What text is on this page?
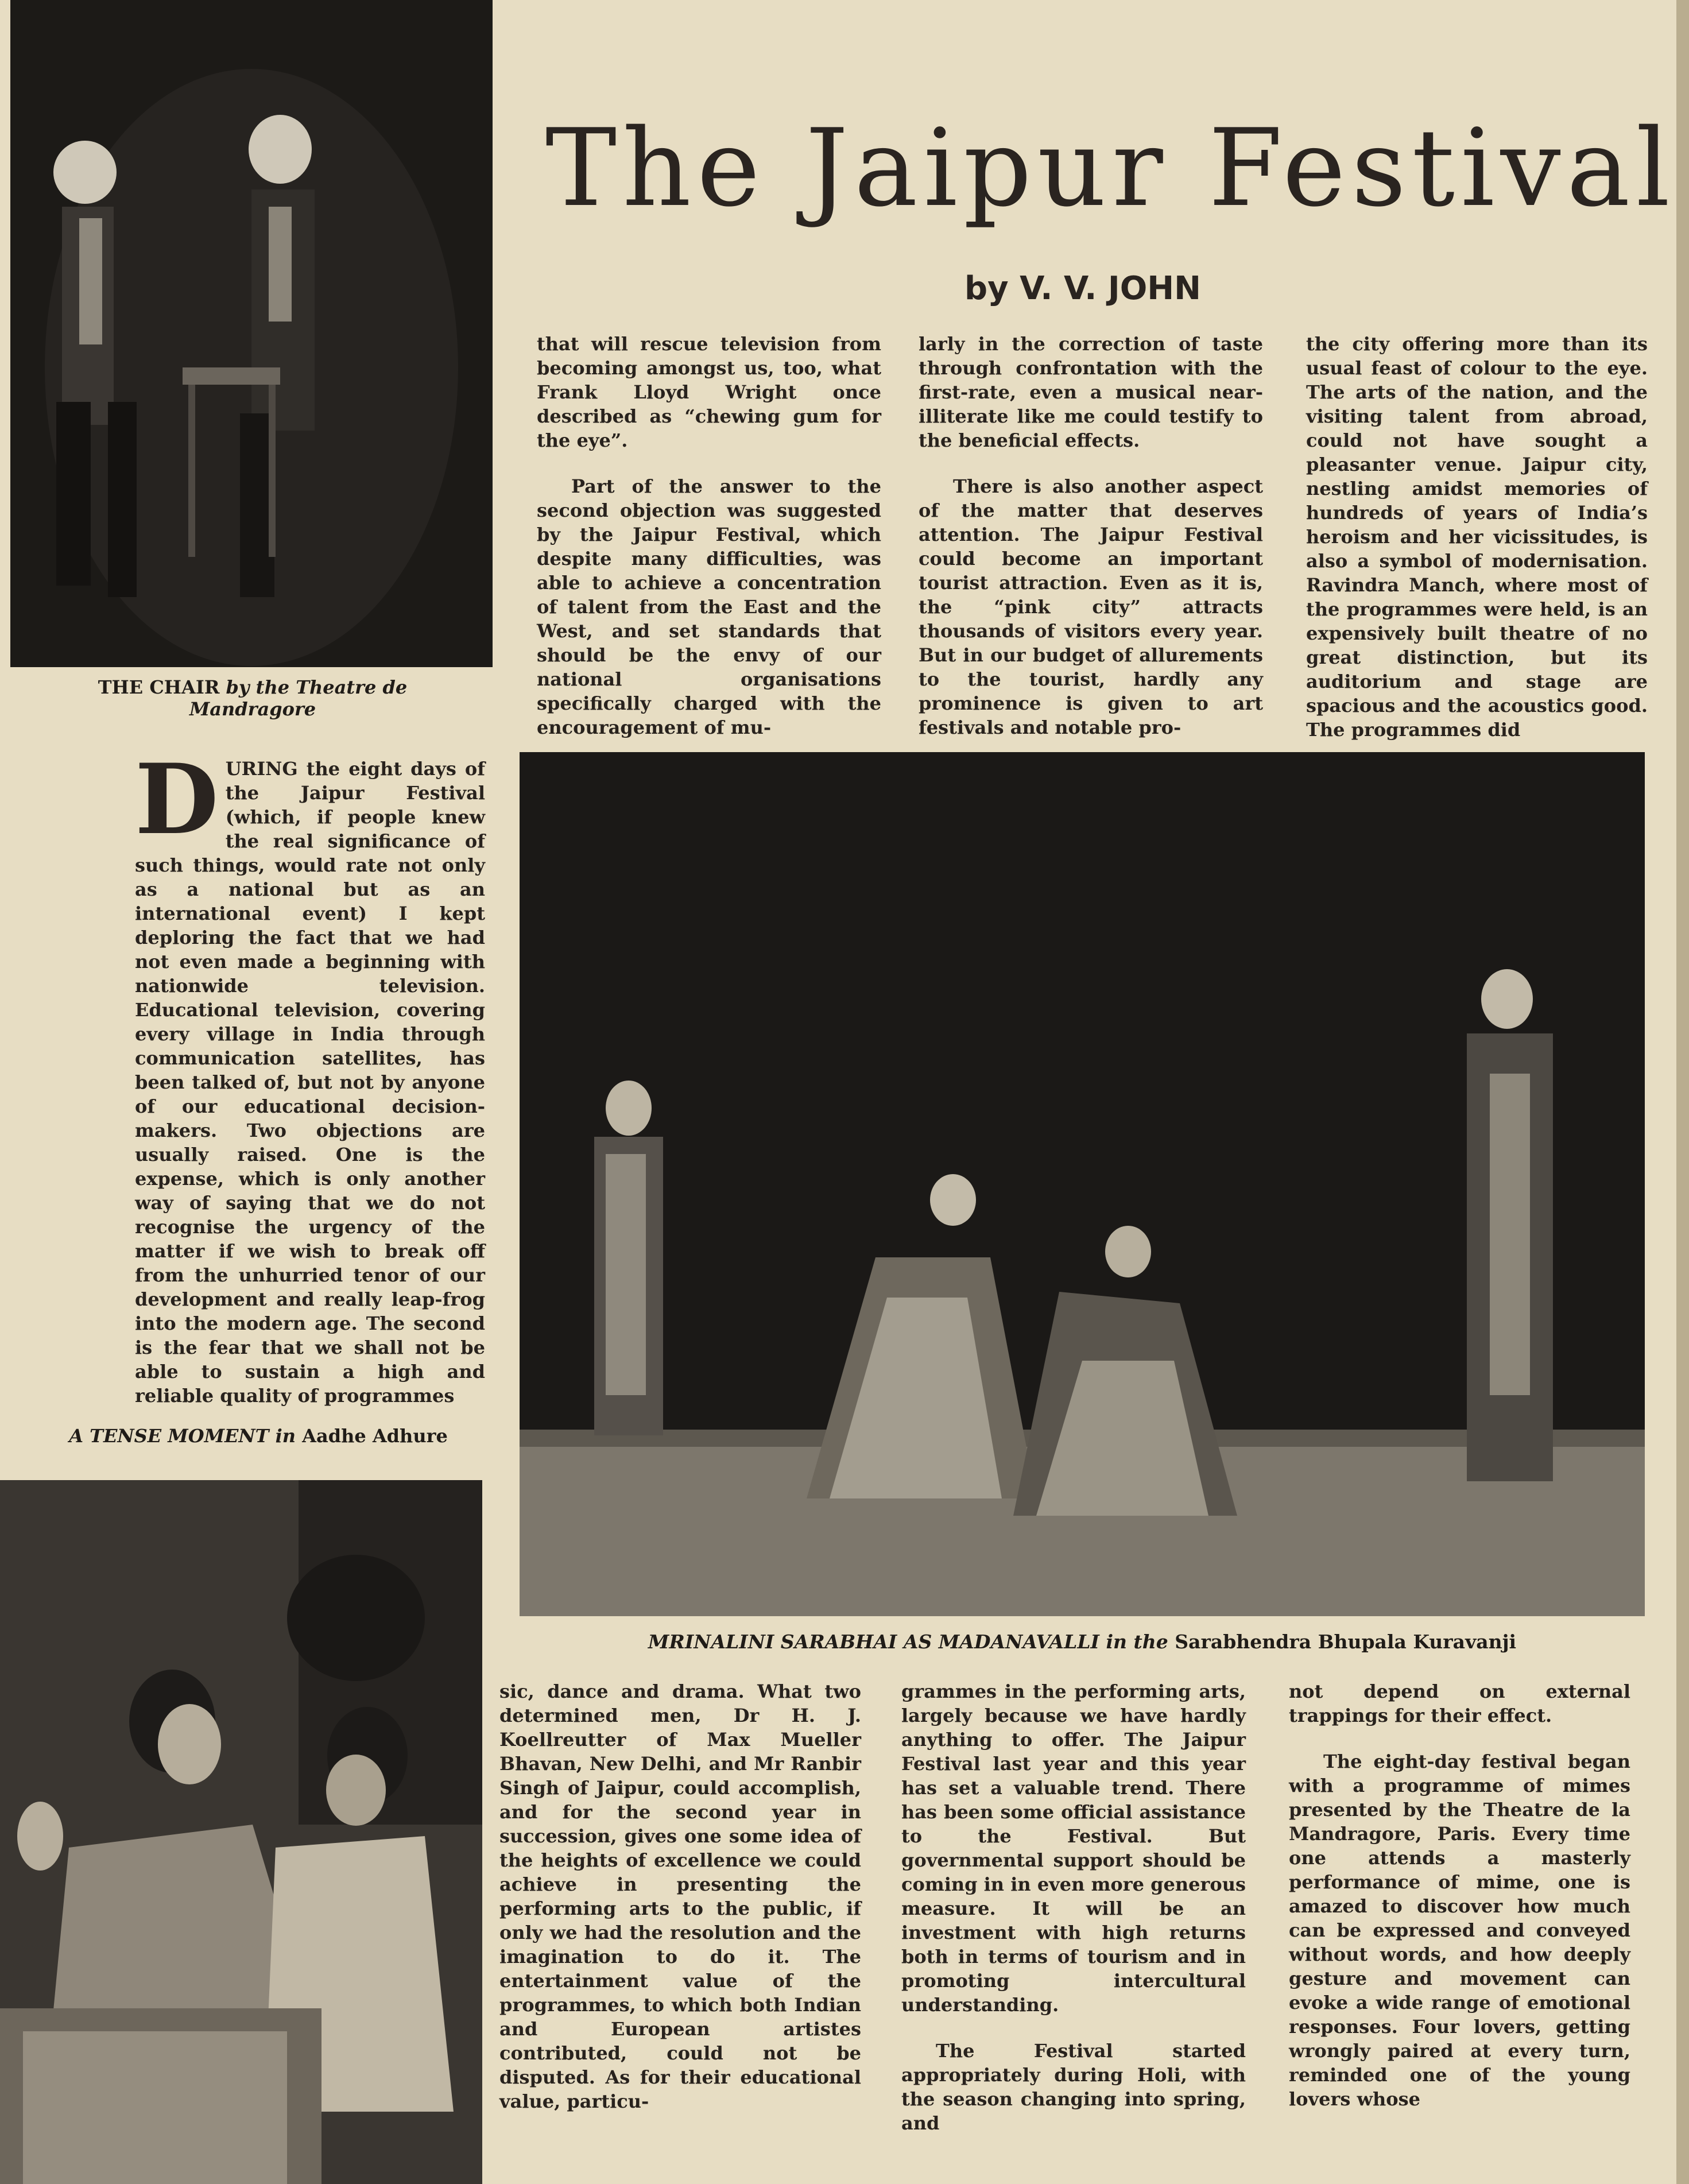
THE CHAIR by the Theatre de Mandragore
The Jaipur Festival
by V. V. JOHN

that will rescue television from becoming amongst us, too, what Frank Lloyd Wright once described as “chewing gum for the eye”.

Part of the answer to the second objection was suggested by the Jaipur Festival, which despite many difficulties, was able to achieve a concentration of talent from the East and the West, and set standards that should be the envy of our national organisations specifically charged with the encouragement of mu-

larly in the correction of taste through confrontation with the first-rate, even a musical near-illiterate like me could testify to the beneficial effects.

There is also another aspect of the matter that deserves attention. The Jaipur Festival could become an important tourist attraction. Even as it is, the “pink city” attracts thousands of visitors every year. But in our budget of allurements to the tourist, hardly any prominence is given to art festivals and notable pro-

the city offering more than its usual feast of colour to the eye. The arts of the nation, and the visiting talent from abroad, could not have sought a pleasanter venue. Jaipur city, nestling amidst memories of hundreds of years of India’s heroism and her vicissitudes, is also a symbol of modernisation. Ravindra Manch, where most of the programmes were held, is an expensively built theatre of no great distinction, but its auditorium and stage are spacious and the acoustics good. The programmes did

DURING the eight days of the Jaipur Festival (which, if people knew the real significance of such things, would rate not only as a national but as an international event) I kept deploring the fact that we had not even made a beginning with nationwide television. Educational television, covering every village in India through communication satellites, has been talked of, but not by anyone of our educational decision-makers. Two objections are usually raised. One is the expense, which is only another way of saying that we do not recognise the urgency of the matter if we wish to break off from the unhurried tenor of our development and really leap-frog into the modern age. The second is the fear that we shall not be able to sustain a high and reliable quality of programmes

MRINALINI SARABHAI AS MADANAVALLI in the Sarabhendra Bhupala Kuravanji
A TENSE MOMENT in Aadhe Adhure

sic, dance and drama. What two determined men, Dr H. J. Koellreutter of Max Mueller Bhavan, New Delhi, and Mr Ranbir Singh of Jaipur, could accomplish, and for the second year in succession, gives one some idea of the heights of excellence we could achieve in presenting the performing arts to the public, if only we had the resolution and the imagination to do it. The entertainment value of the programmes, to which both Indian and European artistes contributed, could not be disputed. As for their educational value, particu-

grammes in the performing arts, largely because we have hardly anything to offer. The Jaipur Festival last year and this year has set a valuable trend. There has been some official assistance to the Festival. But governmental support should be coming in in even more generous measure. It will be an investment with high returns both in terms of tourism and in promoting intercultural understanding.

The Festival started appropriately during Holi, with the season changing into spring, and

not depend on external trappings for their effect.

The eight-day festival began with a programme of mimes presented by the Theatre de la Mandragore, Paris. Every time one attends a masterly performance of mime, one is amazed to discover how much can be expressed and conveyed without words, and how deeply gesture and movement can evoke a wide range of emotional responses. Four lovers, getting wrongly paired at every turn, reminded one of the young lovers whose
